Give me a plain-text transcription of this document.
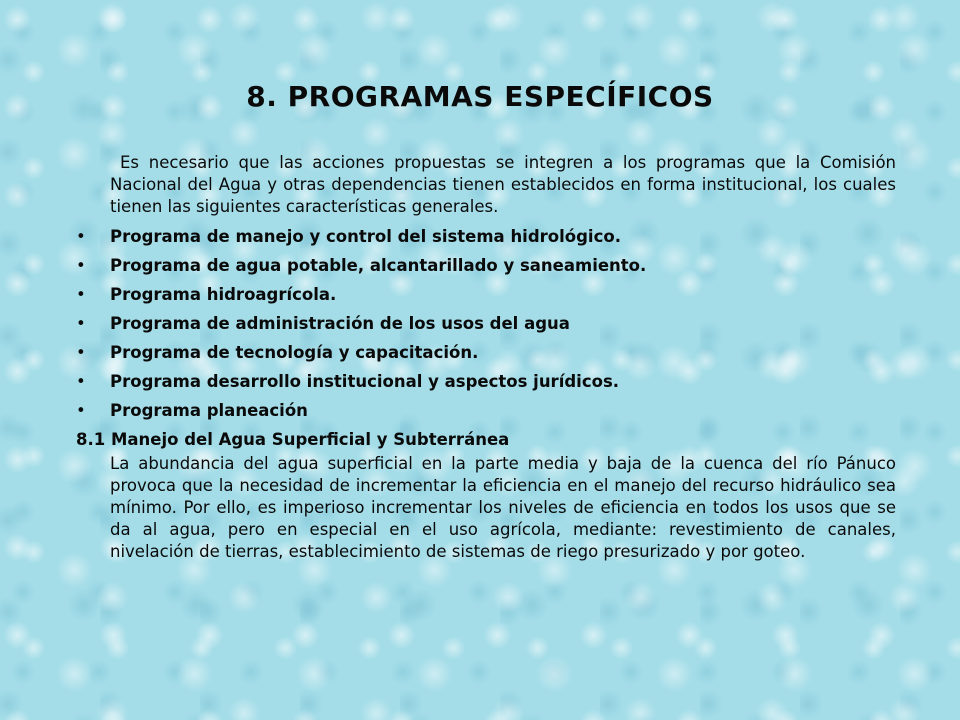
8. PROGRAMAS ESPECÍFICOS

Es necesario que las acciones propuestas se integren a los programas que la Comisión Nacional del Agua y otras dependencias tienen establecidos en forma institucional, los cuales tienen las siguientes características generales.

• Programa de manejo y control del sistema hidrológico.
• Programa de agua potable, alcantarillado y saneamiento.
• Programa hidroagrícola.
• Programa de administración de los usos del agua
• Programa de tecnología y capacitación.
• Programa desarrollo institucional y aspectos jurídicos.
• Programa planeación

8.1 Manejo del Agua Superficial y Subterránea

La abundancia del agua superficial en la parte media y baja de la cuenca del río Pánuco provoca que la necesidad de incrementar la eficiencia en el manejo del recurso hidráulico sea mínimo. Por ello, es imperioso incrementar los niveles de eficiencia en todos los usos que se da al agua, pero en especial en el uso agrícola, mediante: revestimiento de canales, nivelación de tierras, establecimiento de sistemas de riego presurizado y por goteo.
